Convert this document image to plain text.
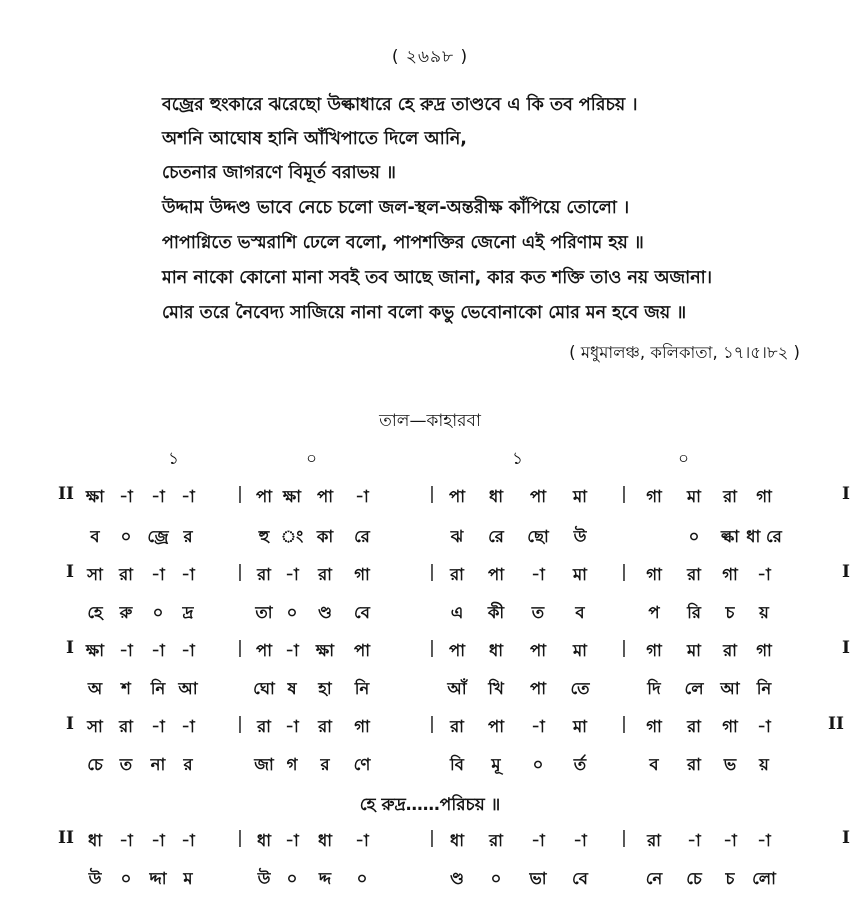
( ২৬৯৮ )
বজ্রের হুংকারে ঝরেছো উল্কাধারে হে রুদ্র তাণ্ডবে এ কি তব পরিচয় ।
অশনি আঘোষ হানি আঁখিপাতে দিলে আনি,
চেতনার জাগরণে বিমূর্ত বরাভয় ॥
উদ্দাম উদ্দণ্ড ভাবে নেচে চলো জল-স্থল-অন্তরীক্ষ কাঁপিয়ে তোলো ।
পাপাগ্নিতে ভস্মরাশি ঢেলে বলো, পাপশক্তির জেনো এই পরিণাম হয় ॥
মান নাকো কোনো মানা সবই তব আছে জানা, কার কত শক্তি তাও নয় অজানা।
মোর তরে নৈবেদ্য সাজিয়ে নানা বলো কভু ভেবোনাকো মোর মন হবে জয় ॥
( মধুমালঞ্চ, কলিকাতা, ১৭।৫।৮২ )
তাল—কাহারবা
১	০	১	০
II	I
|	|	|
ক্ষা -া -া -া	পা ক্ষা পা -া	পা ধা পা মা	গা মা রা গা
ব ০ জ্রে র	হু ং কা রে	ঝ রে ছো উ	০ ল্কা ধা রে
I	I
|	|	|
সা রা -া -া	রা -া রা গা	রা পা -া মা	গা রা গা -া
হে রু ০ দ্র	তা ০ ণ্ড বে	এ কী ত ব	প রি চ য়
I	I
|	|	|
ক্ষা -া -া -া	পা -া ক্ষা পা	পা ধা পা মা	গা মা রা গা
অ শ নি আ	ঘো ষ হা নি	আঁ খি পা তে	দি লে আ নি
I	II
|	|	|
সা রা -া -া	রা -া রা গা	রা পা -া মা	গা রা গা -া
চে ত না র	জা গ র ণে	বি মূ ০ র্ত	ব রা ভ য়
II	I
|	|	|
ধা -া -া -া	ধা -া ধা -া	ধা রা -া -া	রা -া -া -া
উ ০ দ্দা ম	উ ০ দ্দ ০	ণ্ড ০ ভা বে	নে চে চ লো
হে রুদ্র……পরিচয় ॥
